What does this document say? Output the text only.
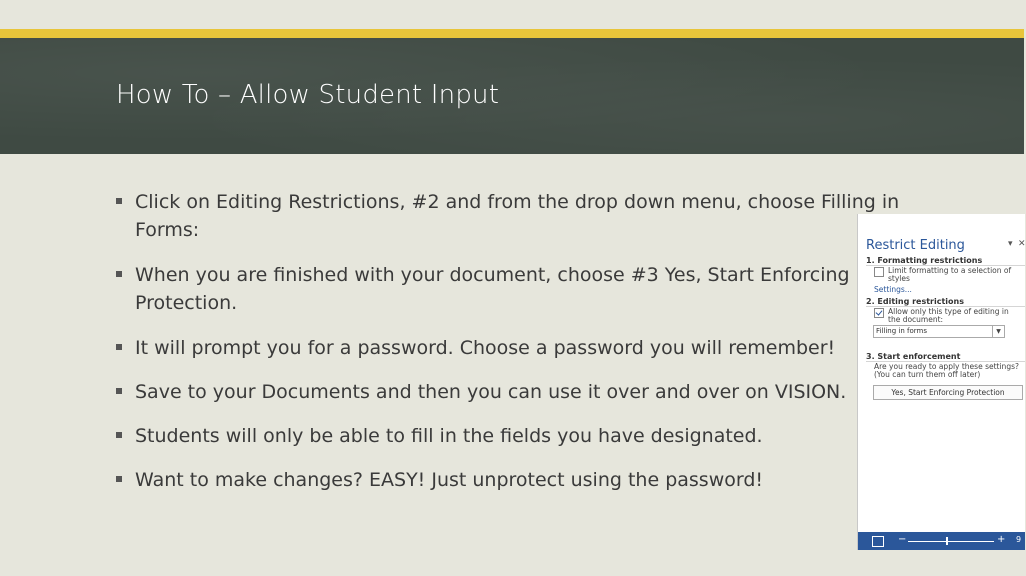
How To – Allow Student Input
Click on Editing Restrictions, #2 and from the drop down menu, choose Filling in Forms:
When you are finished with your document, choose #3 Yes, Start Enforcing Protection.
It will prompt you for a password. Choose a password you will remember!
Save to your Documents and then you can use it over and over on VISION.
Students will only be able to fill in the fields you have designated.
Want to make changes? EASY! Just unprotect using the password!
Restrict Editing	▾ ✕
1. Formatting restrictions
Limit formatting to a selection of styles
Settings...
2. Editing restrictions
Allow only this type of editing in the document:
Filling in forms	▼
3. Start enforcement
Are you ready to apply these settings? (You can turn them off later)
Yes, Start Enforcing Protection
−	+ 9
